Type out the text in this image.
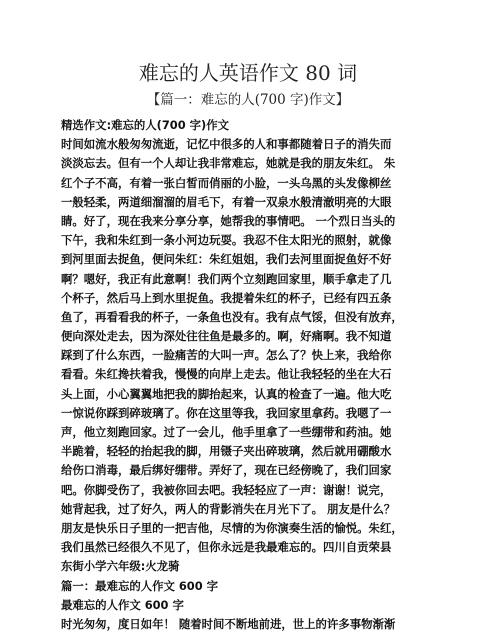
难忘的人英语作文 80 词
【篇一：难忘的人(700 字)作文】
精选作文:难忘的人(700 字)作文
时间如流水般匆匆流逝，记忆中很多的人和事都随着日子的消失而
淡淡忘去。但有一个人却让我非常难忘，她就是我的朋友朱红。 朱
红个子不高，有着一张白皙而俏丽的小脸，一头乌黑的头发像柳丝
一般轻柔，两道细溜溜的眉毛下，有着一双泉水般清澈明亮的大眼
睛。好了，现在我来分享分享，她帮我的事情吧。 一个烈日当头的
下午，我和朱红到一条小河边玩耍。我忍不住太阳光的照射，就像
到河里面去捉鱼，便问朱红：朱红姐姐，我们去河里面捉鱼好不好
啊？嗯好，我正有此意啊！我们两个立刻跑回家里，顺手拿走了几
个杯子，然后马上到水里捉鱼。我提着朱红的杯子，已经有四五条
鱼了，再看看我的杯子，一条鱼也没有。我有点气馁，但没有放弃，
便向深处走去，因为深处往往鱼是最多的。啊，好痛啊。我不知道
踩到了什么东西，一脸痛苦的大叫一声。怎么了？快上来，我给你
看看。朱红搀扶着我，慢慢的向岸上走去。他让我轻轻的坐在大石
头上面，小心翼翼地把我的脚抬起来，认真的检查了一遍。他大吃
一惊说你踩到碎玻璃了。你在这里等我，我回家里拿药。我嗯了一
声，他立刻跑回家。过了一会儿，他手里拿了一些绷带和药油。她
半跪着，轻轻的抬起我的脚，用镊子夹出碎玻璃，然后就用硼酸水
给伤口消毒，最后绑好绷带。弄好了，现在已经傍晚了，我们回家
吧。你脚受伤了，我被你回去吧。我轻轻应了一声：谢谢！说完，
她背起我，过了好久，两人的背影消失在月光下了。 朋友是什么？
朋友是快乐日子里的一把吉他，尽情的为你演奏生活的愉悦。朱红，
我们虽然已经很久不见了，但你永远是我最难忘的。四川自贡荣县
东街小学六年级:火龙骑
篇一：最难忘的人作文 600 字
最难忘的人作文 600 字
时光匆匆，度日如年！ 随着时间不断地前进，世上的许多事物渐渐
